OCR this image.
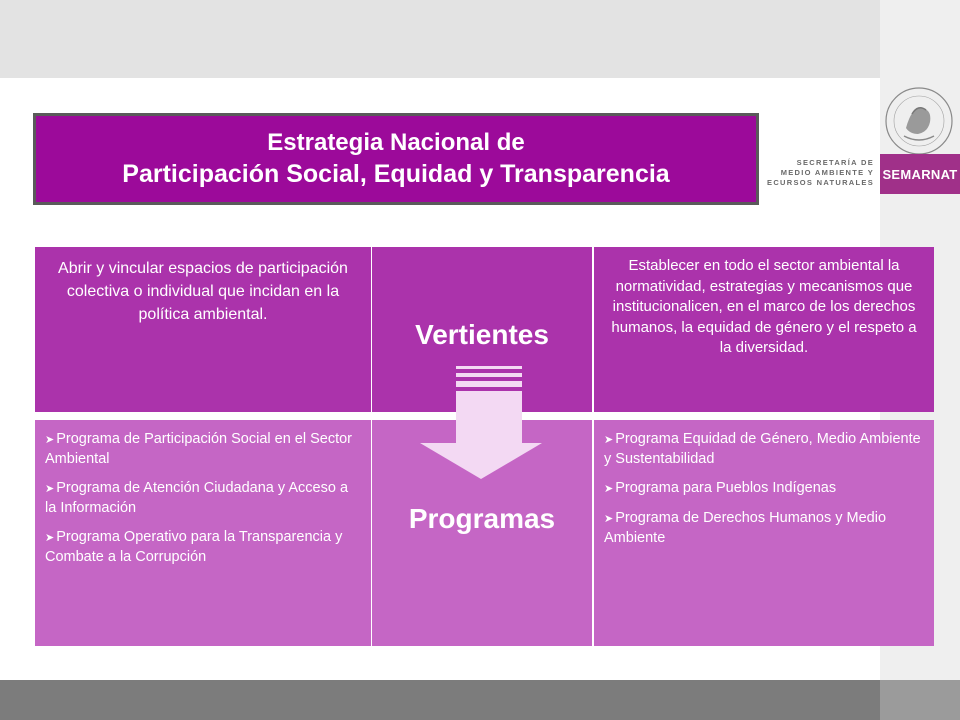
Estrategia Nacional de
Participación Social, Equidad y Transparencia	SECRETARÍA DE
MEDIO AMBIENTE Y
ECURSOS NATURALES
SEMARNAT
Abrir y vincular espacios de participación colectiva o individual que incidan en la política ambiental.
Vertientes
Establecer en todo el sector ambiental la normatividad, estrategias y mecanismos que institucionalicen, en el marco de los derechos humanos, la equidad de género y el respeto a la diversidad.
➤ Programa de Participación Social en el Sector Ambiental
➤ Programa de Atención Ciudadana y Acceso a la Información
➤ Programa Operativo para la Transparencia y Combate a la Corrupción
Programas
➤ Programa Equidad de Género, Medio Ambiente y Sustentabilidad
➤ Programa para Pueblos Indígenas
➤ Programa de Derechos Humanos y Medio Ambiente
